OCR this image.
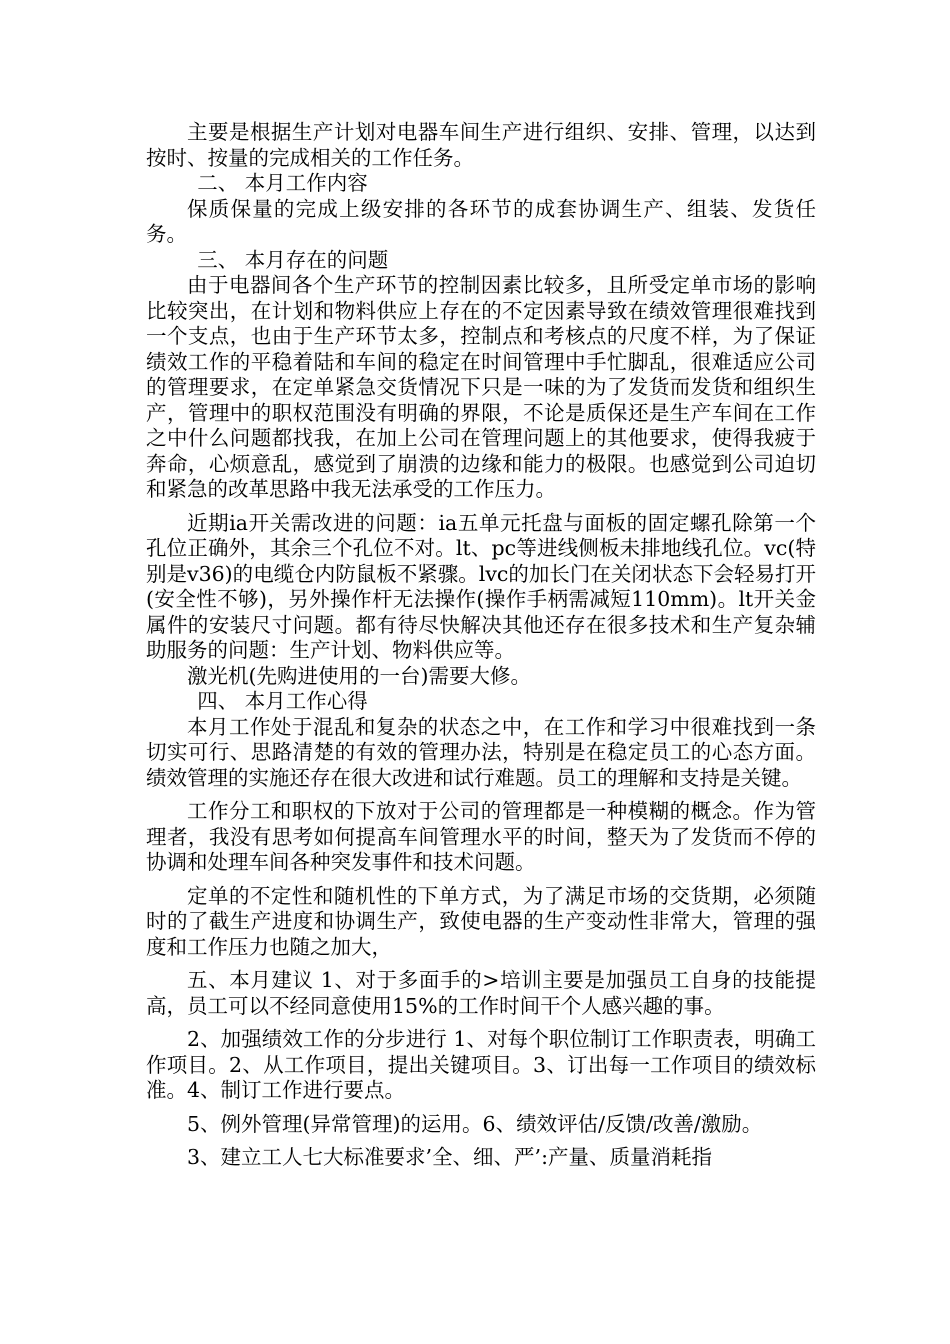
主要是根据生产计划对电器车间生产进行组织、安排、管理，以达到按时、按量的完成相关的工作任务。

二、 本月工作内容

保质保量的完成上级安排的各环节的成套协调生产、组装、发货任务。

三、 本月存在的问题

由于电器间各个生产环节的控制因素比较多，且所受定单市场的影响比较突出，在计划和物料供应上存在的不定因素导致在绩效管理很难找到一个支点，也由于生产环节太多，控制点和考核点的尺度不样，为了保证绩效工作的平稳着陆和车间的稳定在时间管理中手忙脚乱，很难适应公司的管理要求，在定单紧急交货情况下只是一味的为了发货而发货和组织生产，管理中的职权范围没有明确的界限，不论是质保还是生产车间在工作之中什么问题都找我，在加上公司在管理问题上的其他要求，使得我疲于奔命，心烦意乱，感觉到了崩溃的边缘和能力的极限。也感觉到公司迫切和紧急的改革思路中我无法承受的工作压力。

近期ia开关需改进的问题：ia五单元托盘与面板的固定螺孔除第一个孔位正确外，其余三个孔位不对。lt、pc等进线侧板未排地线孔位。vc(特别是v36)的电缆仓内防鼠板不紧骤。lvc的加长门在关闭状态下会轻易打开(安全性不够)，另外操作杆无法操作(操作手柄需减短110mm)。lt开关金属件的安装尺寸问题。都有待尽快解决其他还存在很多技术和生产复杂辅助服务的问题：生产计划、物料供应等。

激光机(先购进使用的一台)需要大修。

四、 本月工作心得

本月工作处于混乱和复杂的状态之中，在工作和学习中很难找到一条切实可行、思路清楚的有效的管理办法，特别是在稳定员工的心态方面。绩效管理的实施还存在很大改进和试行难题。员工的理解和支持是关键。

工作分工和职权的下放对于公司的管理都是一种模糊的概念。作为管理者，我没有思考如何提高车间管理水平的时间，整天为了发货而不停的协调和处理车间各种突发事件和技术问题。

定单的不定性和随机性的下单方式，为了满足市场的交货期，必须随时的了截生产进度和协调生产，致使电器的生产变动性非常大，管理的强度和工作压力也随之加大，

五、本月建议 1、对于多面手的>培训主要是加强员工自身的技能提高，员工可以不经同意使用15%的工作时间干个人感兴趣的事。

2、加强绩效工作的分步进行 1、对每个职位制订工作职责表，明确工作项目。2、从工作项目，提出关键项目。3、订出每一工作项目的绩效标准。4、制订工作进行要点。

5、例外管理(异常管理)的运用。6、绩效评估/反馈/改善/激励。

3、建立工人七大标准要求’全、细、严’:产量、质量消耗指
